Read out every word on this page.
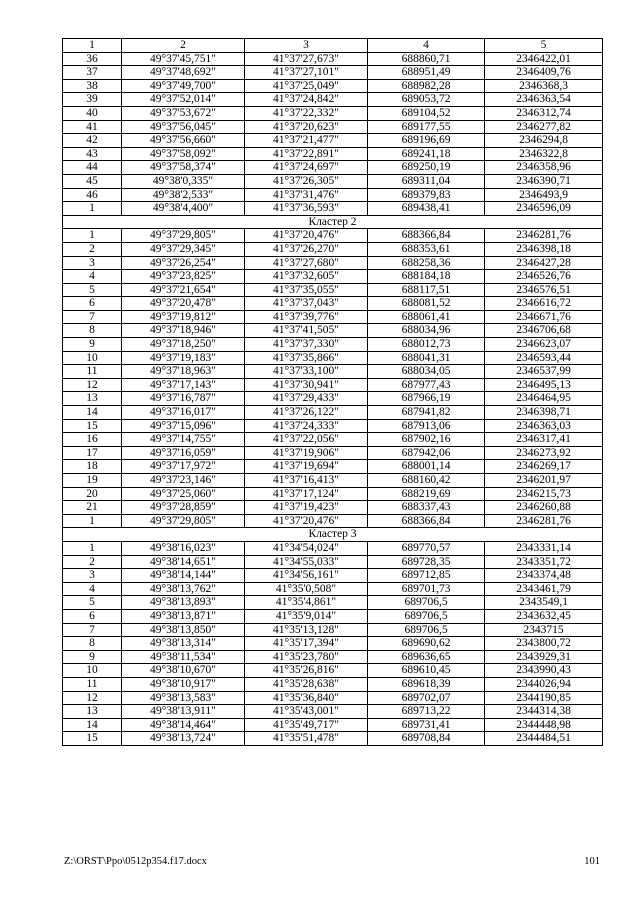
1	2	3	4	5
36	49°37'45,751"	41°37'27,673"	688860,71	2346422,01
37	49°37'48,692"	41°37'27,101"	688951,49	2346409,76
38	49°37'49,700"	41°37'25,049"	688982,28	2346368,3
39	49°37'52,014"	41°37'24,842"	689053,72	2346363,54
40	49°37'53,672"	41°37'22,332"	689104,52	2346312,74
41	49°37'56,045"	41°37'20,623"	689177,55	2346277,82
42	49°37'56,660"	41°37'21,477"	689196,69	2346294,8
43	49°37'58,092"	41°37'22,891"	689241,18	2346322,8
44	49°37'58,374"	41°37'24,697"	689250,19	2346358,96
45	49°38'0,335"	41°37'26,305"	689311,04	2346390,71
46	49°38'2,533"	41°37'31,476"	689379,83	2346493,9
1	49°38'4,400"	41°37'36,593"	689438,41	2346596,09
Кластер 2				
1	49°37'29,805"	41°37'20,476"	688366,84	2346281,76
2	49°37'29,345"	41°37'26,270"	688353,61	2346398,18
3	49°37'26,254"	41°37'27,680"	688258,36	2346427,28
4	49°37'23,825"	41°37'32,605"	688184,18	2346526,76
5	49°37'21,654"	41°37'35,055"	688117,51	2346576,51
6	49°37'20,478"	41°37'37,043"	688081,52	2346616,72
7	49°37'19,812"	41°37'39,776"	688061,41	2346671,76
8	49°37'18,946"	41°37'41,505"	688034,96	2346706,68
9	49°37'18,250"	41°37'37,330"	688012,73	2346623,07
10	49°37'19,183"	41°37'35,866"	688041,31	2346593,44
11	49°37'18,963"	41°37'33,100"	688034,05	2346537,99
12	49°37'17,143"	41°37'30,941"	687977,43	2346495,13
13	49°37'16,787"	41°37'29,433"	687966,19	2346464,95
14	49°37'16,017"	41°37'26,122"	687941,82	2346398,71
15	49°37'15,096"	41°37'24,333"	687913,06	2346363,03
16	49°37'14,755"	41°37'22,056"	687902,16	2346317,41
17	49°37'16,059"	41°37'19,906"	687942,06	2346273,92
18	49°37'17,972"	41°37'19,694"	688001,14	2346269,17
19	49°37'23,146"	41°37'16,413"	688160,42	2346201,97
20	49°37'25,060"	41°37'17,124"	688219,69	2346215,73
21	49°37'28,859"	41°37'19,423"	688337,43	2346260,88
1	49°37'29,805"	41°37'20,476"	688366,84	2346281,76
Кластер 3				
1	49°38'16,023"	41°34'54,024"	689770,57	2343331,14
2	49°38'14,651"	41°34'55,033"	689728,35	2343351,72
3	49°38'14,144"	41°34'56,161"	689712,85	2343374,48
4	49°38'13,762"	41°35'0,508"	689701,73	2343461,79
5	49°38'13,893"	41°35'4,861"	689706,5	2343549,1
6	49°38'13,871"	41°35'9,014"	689706,5	2343632,45
7	49°38'13,850"	41°35'13,128"	689706,5	2343715
8	49°38'13,314"	41°35'17,394"	689690,62	2343800,72
9	49°38'11,534"	41°35'23,780"	689636,65	2343929,31
10	49°38'10,670"	41°35'26,816"	689610,45	2343990,43
11	49°38'10,917"	41°35'28,638"	689618,39	2344026,94
12	49°38'13,583"	41°35'36,840"	689702,07	2344190,85
13	49°38'13,911"	41°35'43,001"	689713,22	2344314,38
14	49°38'14,464"	41°35'49,717"	689731,41	2344448,98
15	49°38'13,724"	41°35'51,478"	689708,84	2344484,51
Z:\ORST\Ppo\0512p354.f17.docx	101
